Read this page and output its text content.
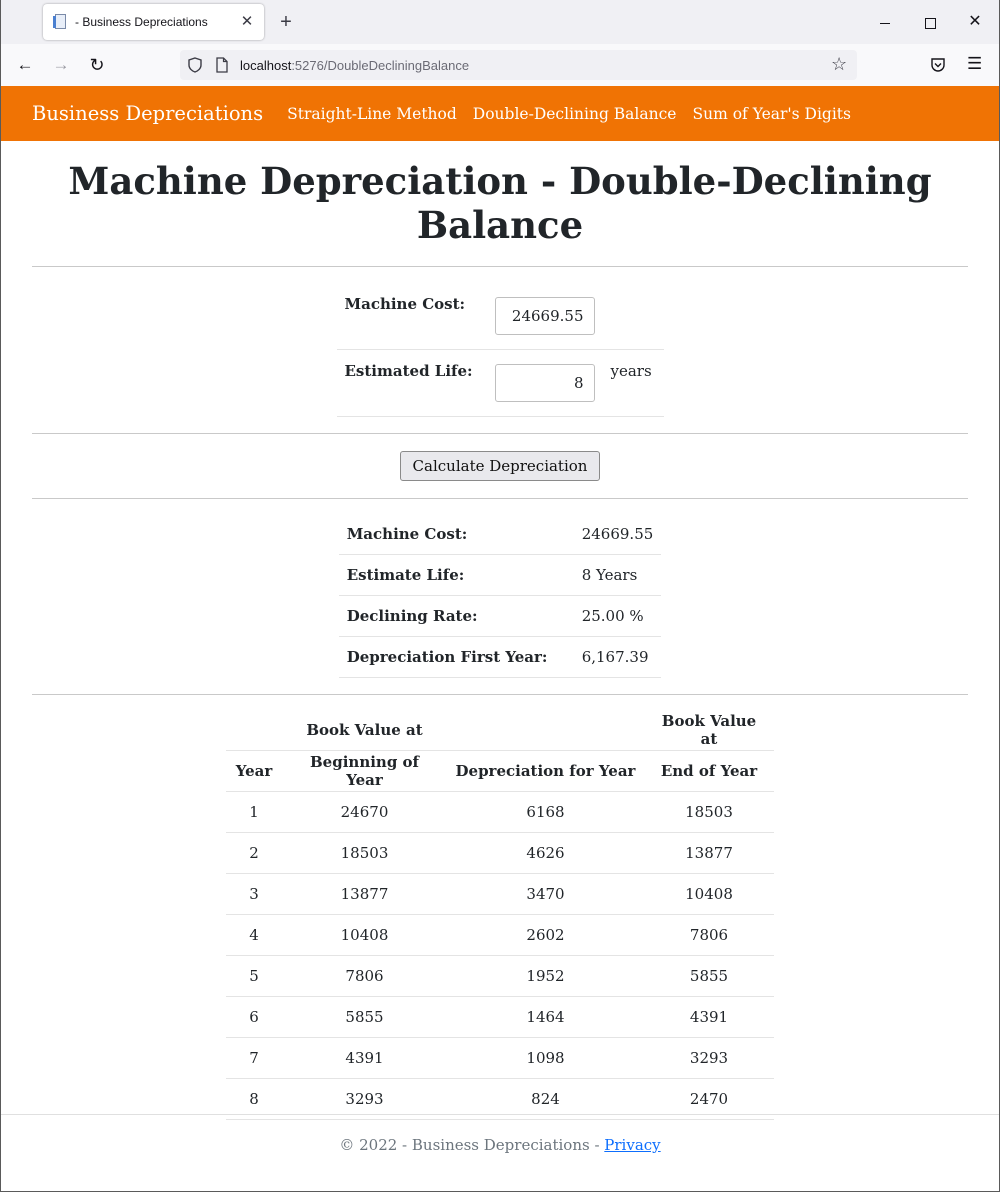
- Business Depreciations	✕ +	✕
← →	↻	localhost :5276/DoubleDecliningBalance	☆	☰
Business Depreciations Straight-Line Method Double-Declining Balance Sum of Year's Digits
Machine Depreciation - Double-Declining Balance
Machine Cost:	24669.55	
Estimated Life:	8	years
Calculate Depreciation
Machine Cost:	24669.55
Estimate Life:	8 Years
Declining Rate:	25.00 %
Depreciation First Year:	6,167.39
	Book Value at		Book Value at
Year	Beginning of Year	Depreciation for Year	End of Year
1	24670	6168	18503
2	18503	4626	13877
3	13877	3470	10408
4	10408	2602	7806
5	7806	1952	5855
6	5855	1464	4391
7	4391	1098	3293
8	3293	824	2470
© 2022 - Business Depreciations - Privacy
